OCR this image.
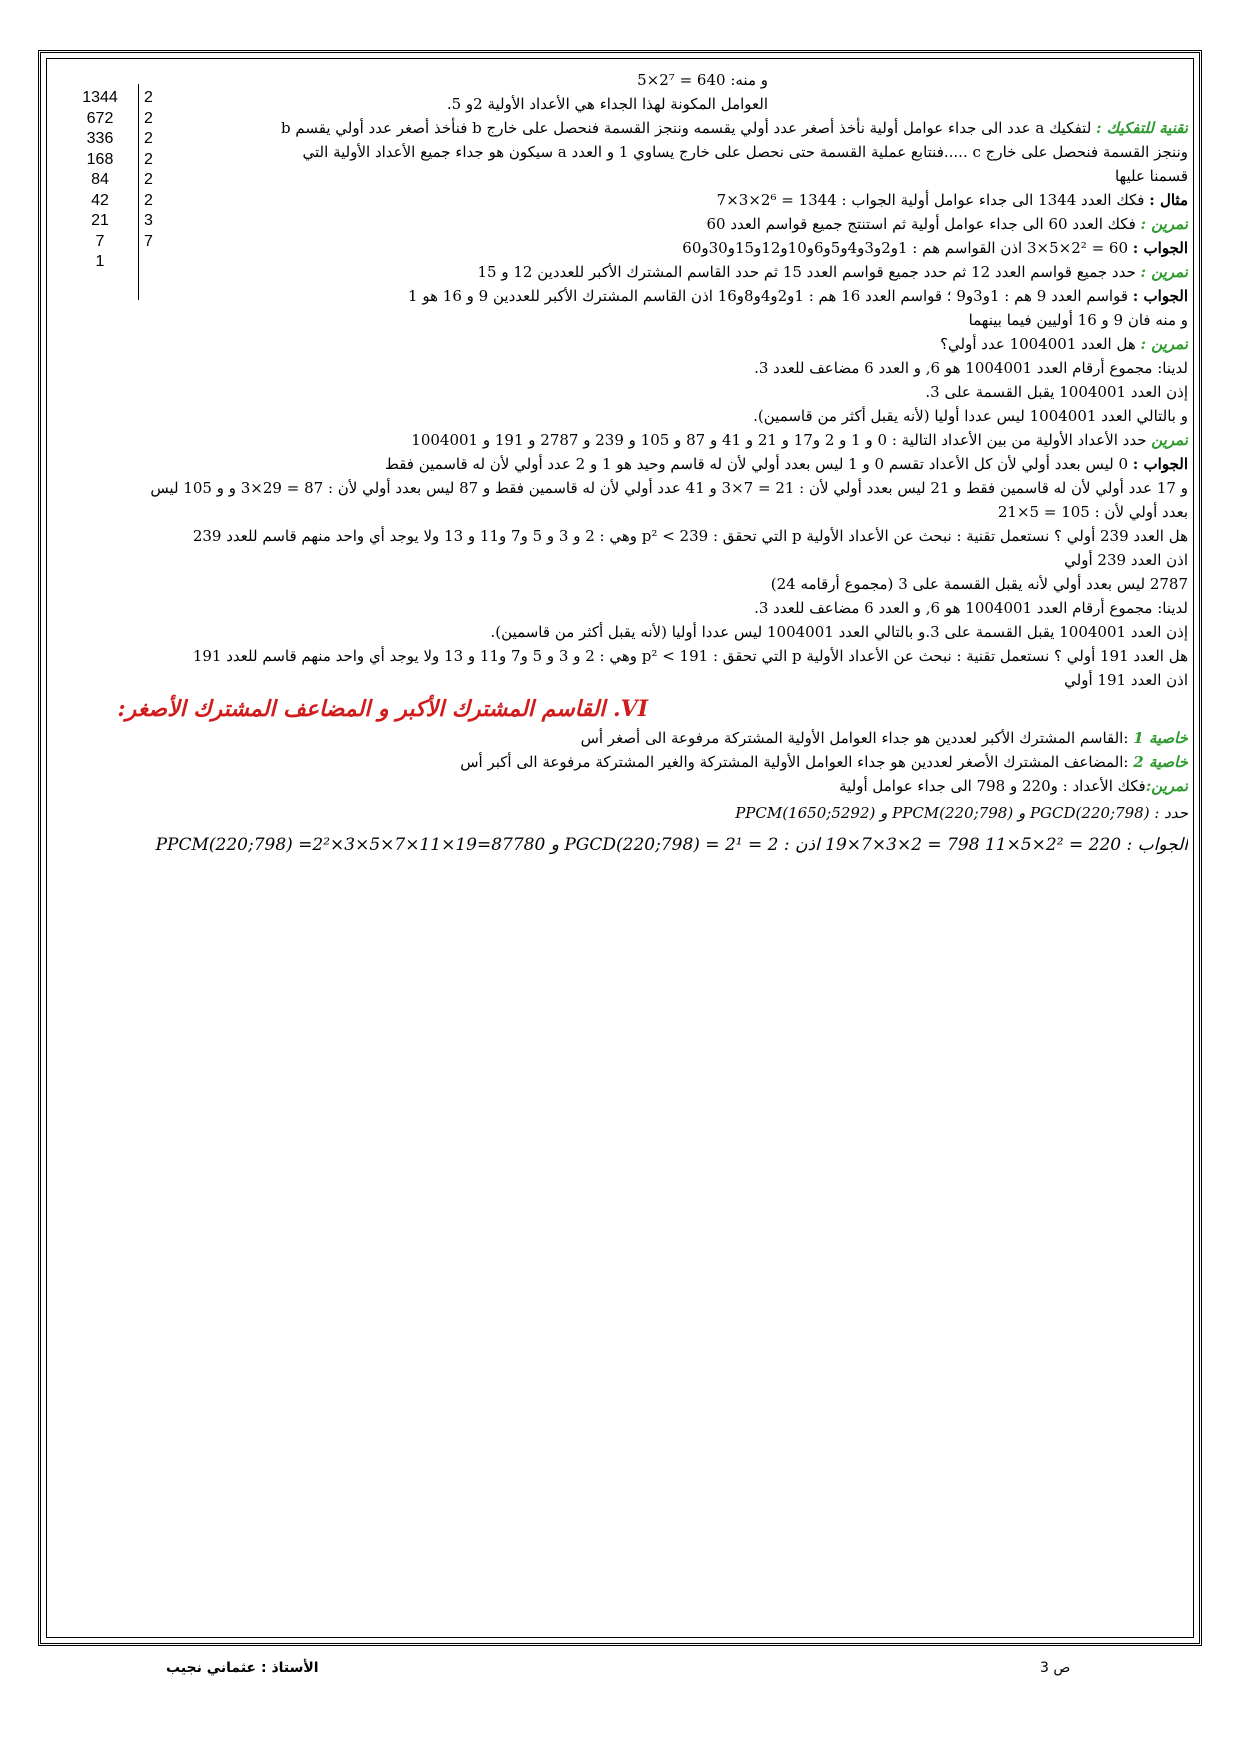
1344
672
336
168
84
42
21
7
1
2
2
2
2
2
2
3
7
و منه: 640 = 2⁷×5
العوامل المكونة لهذا الجداء هي الأعداد الأولية 2و 5.
تقنية للتفكيك : لتفكيك a عدد الى جداء عوامل أولية نأخذ أصغر عدد أولي يقسمه وننجز القسمة فنحصل على خارج b فنأخذ أصغر عدد أولي يقسم b
وننجز القسمة فنحصل على خارج c .....فنتابع عملية القسمة حتى نحصل على خارج يساوي 1 و العدد a سيكون هو جداء جميع الأعداد الأولية التي
قسمنا عليها
مثال : فكك العدد 1344 الى جداء عوامل أولية الجواب : 1344 = 2⁶×3×7
تمرين : فكك العدد 60 الى جداء عوامل أولية ثم استنتج جميع قواسم العدد 60
الجواب : 60 = 2²×5×3 اذن القواسم هم : 1و2و3و4و5و6و10و12و15و30و60
تمرين : حدد جميع قواسم العدد 12 ثم حدد جميع قواسم العدد 15 ثم حدد القاسم المشترك الأكبر للعددين 12 و 15
الجواب : قواسم العدد 9 هم : 1و3و9 ؛ قواسم العدد 16 هم : 1و2و4و8و16 اذن القاسم المشترك الأكبر للعددين 9 و 16 هو 1
و منه فان 9 و 16 أوليين فيما بينهما
تمرين : هل العدد 1004001 عدد أولي؟
لدينا: مجموع أرقام العدد 1004001 هو 6, و العدد 6 مضاعف للعدد 3.
إذن العدد 1004001 يقبل القسمة على 3.
و بالتالي العدد 1004001 ليس عددا أوليا (لأنه يقبل أكثر من قاسمين).
تمرين حدد الأعداد الأولية من بين الأعداد التالية : 0 و 1 و 2 و17 و 21 و 41 و 87 و 105 و 239 و 2787 و 191 و 1004001
الجواب : 0 ليس بعدد أولي لأن كل الأعداد تقسم 0 و 1 ليس بعدد أولي لأن له قاسم وحيد هو 1 و 2 عدد أولي لأن له قاسمين فقط
و 17 عدد أولي لأن له قاسمين فقط و 21 ليس بعدد أولي لأن : 21 = 7×3 و 41 عدد أولي لأن له قاسمين فقط و 87 ليس بعدد أولي لأن : 87 = 29×3 و و 105 ليس
بعدد أولي لأن : 105 = 5×21
هل العدد 239 أولي ؟ نستعمل تقنية : نبحث عن الأعداد الأولية p التي تحقق : 239 > p² وهي : 2 و 3 و 5 و7 و11 و 13 ولا يوجد أي واحد منهم قاسم للعدد 239
اذن العدد 239 أولي
2787 ليس بعدد أولي لأنه يقبل القسمة على 3 (مجموع أرقامه 24)
لدينا: مجموع أرقام العدد 1004001 هو 6, و العدد 6 مضاعف للعدد 3.
إذن العدد 1004001 يقبل القسمة على 3.و بالتالي العدد 1004001 ليس عددا أوليا (لأنه يقبل أكثر من قاسمين).
هل العدد 191 أولي ؟ نستعمل تقنية : نبحث عن الأعداد الأولية p التي تحقق : 191 > p² وهي : 2 و 3 و 5 و7 و11 و 13 ولا يوجد أي واحد منهم قاسم للعدد 191
اذن العدد 191 أولي
VI. القاسم المشترك الأكبر و المضاعف المشترك الأصغر:
خاصية 1 :القاسم المشترك الأكبر لعددين هو جداء العوامل الأولية المشتركة مرفوعة الى أصغر أس
خاصية 2 :المضاعف المشترك الأصغر لعددين هو جداء العوامل الأولية المشتركة والغير المشتركة مرفوعة الى أكبر أس
تمرين:فكك الأعداد : و220 و 798 الى جداء عوامل أولية
حدد : PGCD(220;798) و PPCM(220;798) و PPCM(1650;5292)
الجواب : 220 = 2²×5×11 798 = 2×3×7×19 اذن : PGCD(220;798) = 2¹ = 2 و PPCM(220;798) =2²×3×5×7×11×19=87780
ص 3
الأستاذ : عثماني نجيب
